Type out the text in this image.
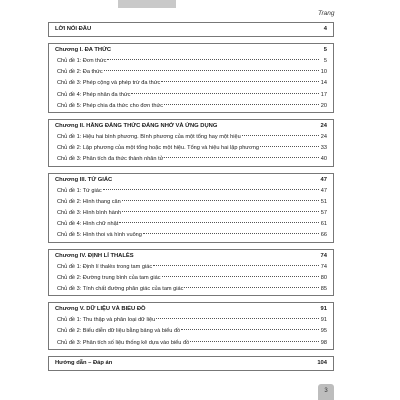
Trang
LỜI NÓI ĐẦU	4
Chương I. ĐA THỨC	5
Chủ đề 1: Đơn thức	5
Chủ đề 2: Đa thức	10
Chủ đề 3: Phép cộng và phép trừ đa thức	14
Chủ đề 4: Phép nhân đa thức	17
Chủ đề 5: Phép chia đa thức cho đơn thức	20
Chương II. HẰNG ĐẲNG THỨC ĐÁNG NHỚ VÀ ỨNG DỤNG	24
Chủ đề 1: Hiệu hai bình phương. Bình phương của một tổng hay một hiệu	24
Chủ đề 2: Lập phương của một tổng hoặc một hiệu. Tổng và hiệu hai lập phương	33
Chủ đề 3: Phân tích đa thức thành nhân tử	40
Chương III. TỨ GIÁC	47
Chủ đề 1: Tứ giác	47
Chủ đề 2: Hình thang cân	51
Chủ đề 3: Hình bình hành	57
Chủ đề 4: Hình chữ nhật	61
Chủ đề 5: Hình thoi và hình vuông	66
Chương IV. ĐỊNH LÍ THALÈS	74
Chủ đề 1: Định lí thalès trong tam giác	74
Chủ đề 2: Đường trung bình của tam giác	80
Chủ đề 3: Tính chất đường phân giác của tam giác	85
Chương V. DỮ LIỆU VÀ BIỂU ĐỒ	91
Chủ đề 1: Thu thập và phân loại dữ liệu	91
Chủ đề 2: Biểu diễn dữ liệu bằng bảng và biểu đồ	95
Chủ đề 3: Phân tích số liệu thống kê dựa vào biểu đồ	98
Hướng dẫn – Đáp án	104
3
